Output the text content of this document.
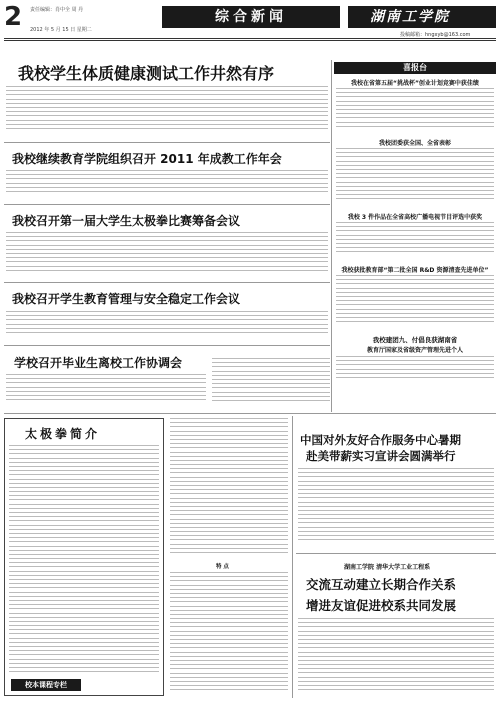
2	责任编辑：肖中全 周 丹
2012 年 5 月 15 日 星期二
综合新闻	湖南工学院
投稿邮箱：hngxyb@163.com
我校学生体质健康测试工作井然有序
我校继续教育学院组织召开 2011 年成教工作年会
我校召开第一届大学生太极拳比赛筹备会议
我校召开学生教育管理与安全稳定工作会议
学校召开毕业生离校工作协调会
喜报台
我校在省第五届“挑战杯”创业计划竞赛中获佳绩
我校团委获全国、全省表彰
我校 3 件作品在全省高校广播电视节目评选中获奖
我校获批教育部“第二批全国 R&D 资源清查先进单位”
我校建团九、付倡良获湖南省
教育厅国家及省级资产管理先进个人
太极拳简介
校本课程专栏
特 点
中国对外友好合作服务中心暑期
赴美带薪实习宣讲会圆满举行
湖南工学院 清华大学工业工程系
交流互动建立长期合作关系
增进友谊促进校系共同发展
